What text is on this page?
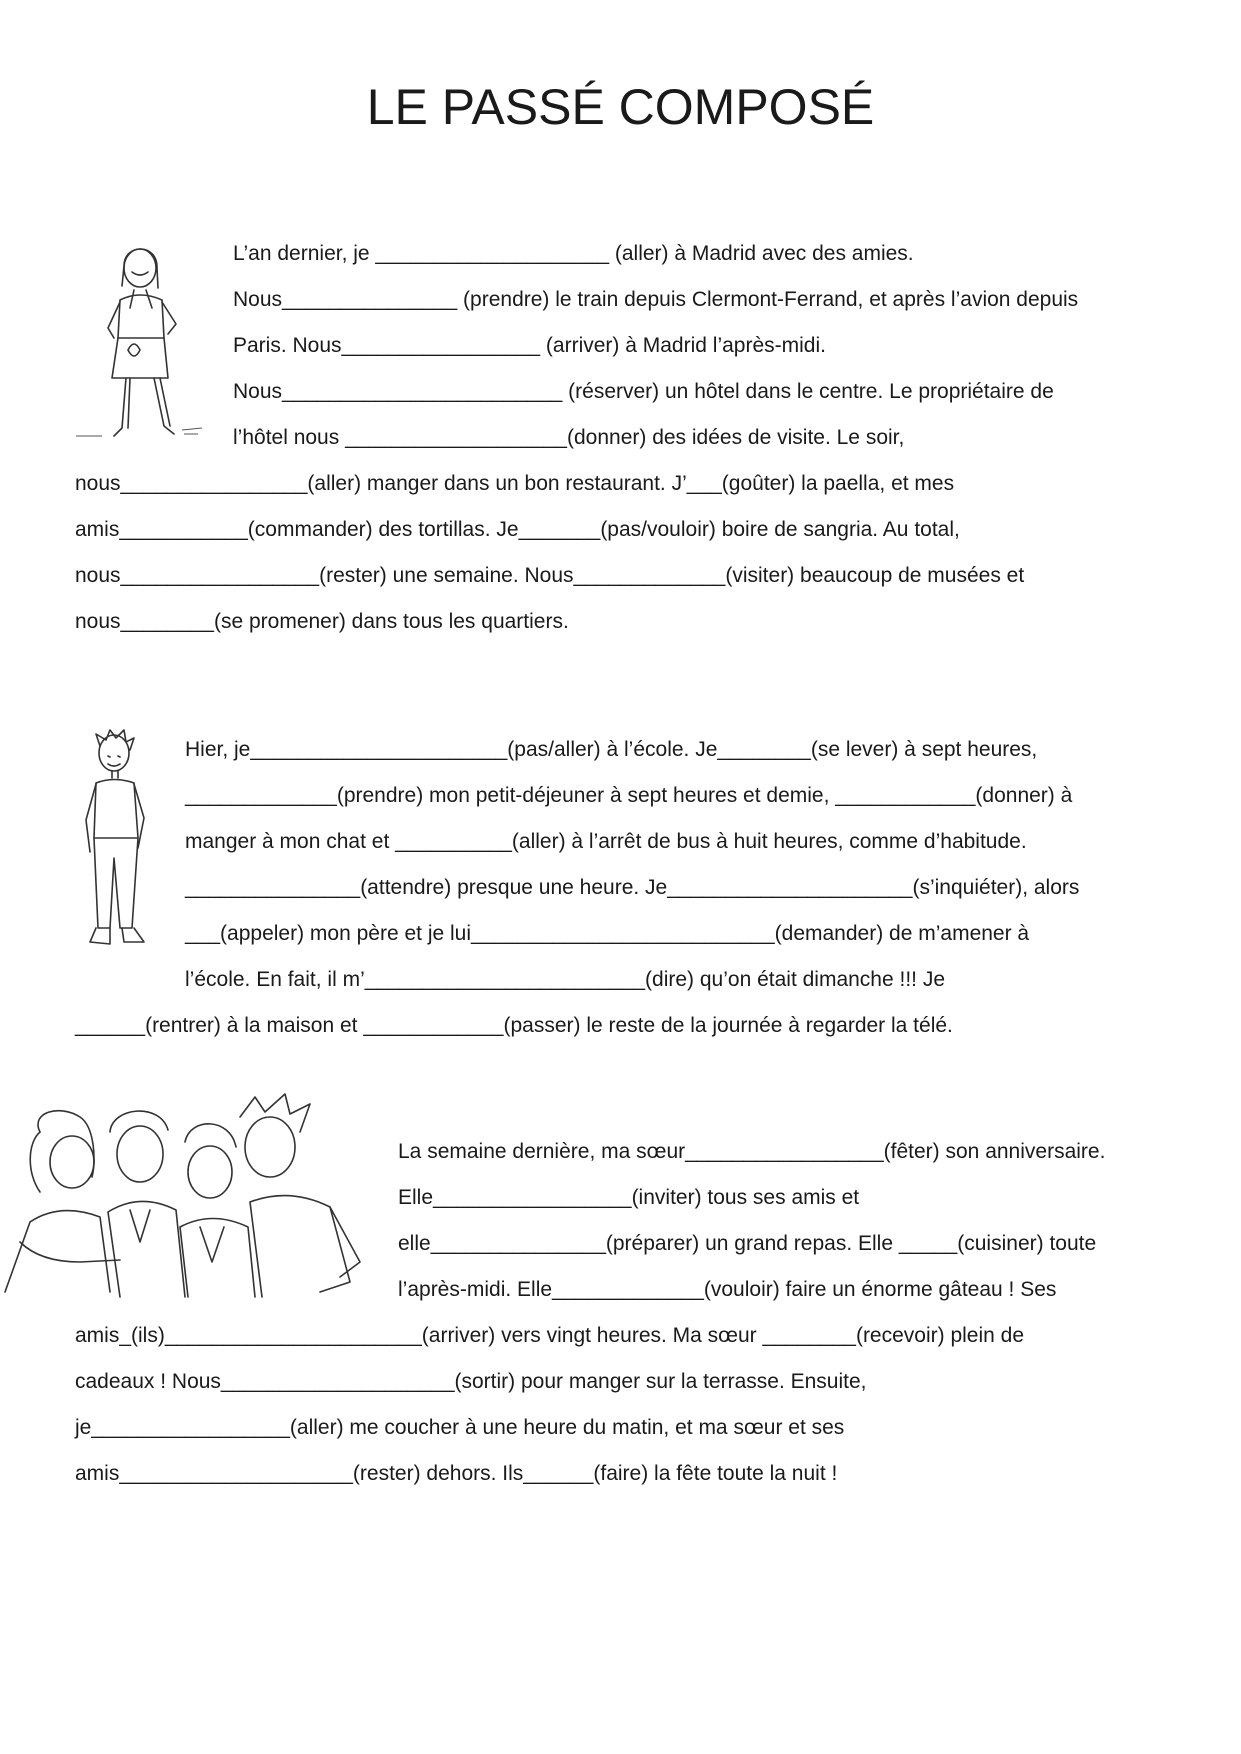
LE PASSÉ COMPOSÉ
L’an dernier, je ____________________ (aller) à Madrid avec des amies.
Nous_______________ (prendre) le train depuis Clermont-Ferrand, et après l’avion depuis
Paris. Nous_________________ (arriver) à Madrid l’après-midi.
Nous________________________ (réserver) un hôtel dans le centre. Le propriétaire de
l’hôtel nous ___________________(donner) des idées de visite. Le soir,
nous________________(aller) manger dans un bon restaurant. J’___(goûter) la paella, et mes
amis___________(commander) des tortillas. Je_______(pas/vouloir) boire de sangria. Au total,
nous_________________(rester) une semaine. Nous_____________(visiter) beaucoup de musées et
nous________(se promener) dans tous les quartiers.
Hier, je______________________(pas/aller) à l’école. Je________(se lever) à sept heures,
_____________(prendre) mon petit-déjeuner à sept heures et demie, ____________(donner) à
manger à mon chat et __________(aller) à l’arrêt de bus à huit heures, comme d’habitude.
_______________(attendre) presque une heure. Je_____________________(s’inquiéter), alors
___(appeler) mon père et je lui__________________________(demander) de m’amener à
l’école. En fait, il m’________________________(dire) qu’on était dimanche !!! Je
______(rentrer) à la maison et ____________(passer) le reste de la journée à regarder la télé.
La semaine dernière, ma sœur_________________(fêter) son anniversaire.
Elle_________________(inviter) tous ses amis et
elle_______________(préparer) un grand repas. Elle _____(cuisiner) toute
l’après-midi. Elle_____________(vouloir) faire un énorme gâteau ! Ses
amis_(ils)______________________(arriver) vers vingt heures. Ma sœur ________(recevoir) plein de
cadeaux ! Nous____________________(sortir) pour manger sur la terrasse. Ensuite,
je_________________(aller) me coucher à une heure du matin, et ma sœur et ses
amis____________________(rester) dehors. Ils______(faire) la fête toute la nuit !
